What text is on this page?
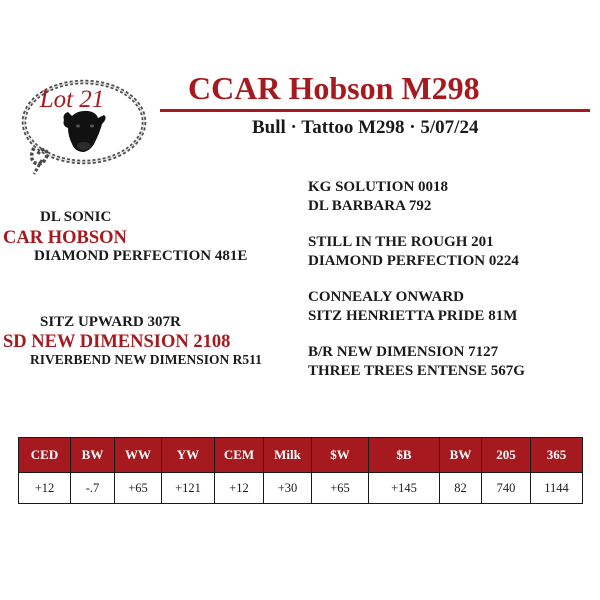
Lot 21	CCAR Hobson M298
Bull · Tattoo M298 · 5/07/24
KG SOLUTION 0018
DL BARBARA 792
DL SONIC
CAR HOBSON	STILL IN THE ROUGH 201
DIAMOND PERFECTION 481E	DIAMOND PERFECTION 0224
CONNEALY ONWARD
SITZ HENRIETTA PRIDE 81M
SITZ UPWARD 307R
SD NEW DIMENSION 2108	B/R NEW DIMENSION 7127
RIVERBEND NEW DIMENSION R511
THREE TREES ENTENSE 567G
CED	BW	WW	YW	CEM	Milk	$W	$B	BW	205	365
+12	-.7	+65	+121	+12	+30	+65	+145	82	740	1144
